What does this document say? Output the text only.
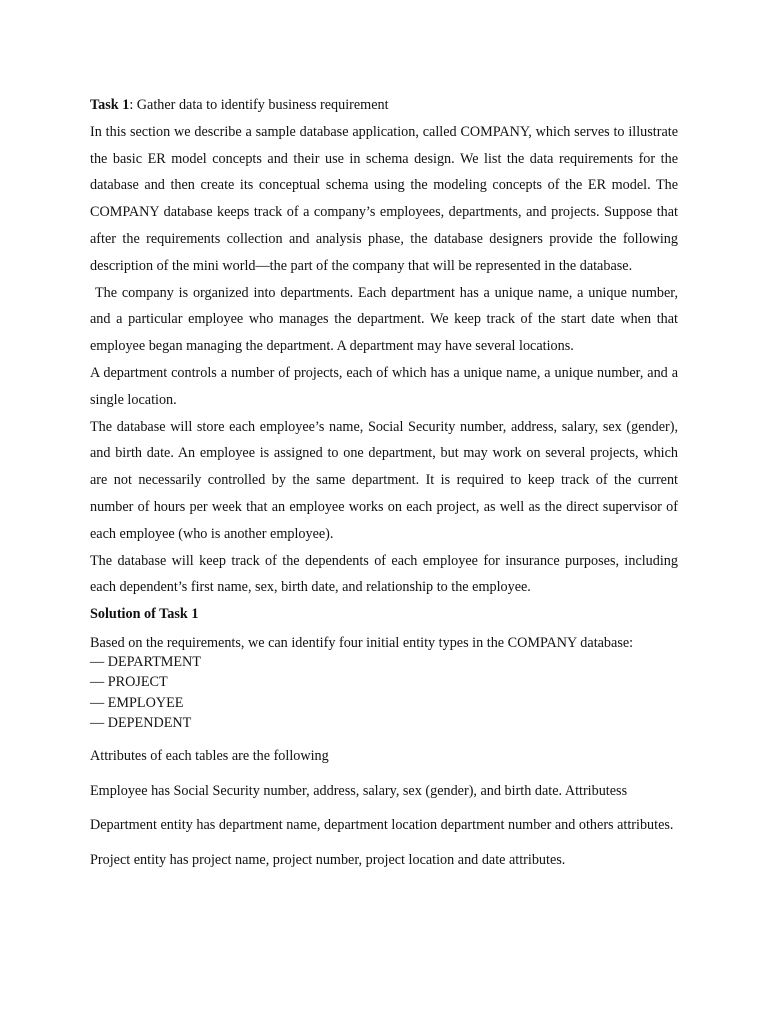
Task 1: Gather data to identify business requirement

In this section we describe a sample database application, called COMPANY, which serves to illustrate the basic ER model concepts and their use in schema design. We list the data requirements for the database and then create its conceptual schema using the modeling concepts of the ER model. The COMPANY database keeps track of a company’s employees, departments, and projects. Suppose that after the requirements collection and analysis phase, the database designers provide the following description of the mini world—the part of the company that will be represented in the database.

The company is organized into departments. Each department has a unique name, a unique number, and a particular employee who manages the department. We keep track of the start date when that employee began managing the department. A department may have several locations.

A department controls a number of projects, each of which has a unique name, a unique number, and a single location.

The database will store each employee’s name, Social Security number, address, salary, sex (gender), and birth date. An employee is assigned to one department, but may work on several projects, which are not necessarily controlled by the same department. It is required to keep track of the current number of hours per week that an employee works on each project, as well as the direct supervisor of each employee (who is another employee).

The database will keep track of the dependents of each employee for insurance purposes, including each dependent’s first name, sex, birth date, and relationship to the employee.

Solution of Task 1

Based on the requirements, we can identify four initial entity types in the COMPANY database:

— DEPARTMENT
— PROJECT
— EMPLOYEE
— DEPENDENT

Attributes of each tables are the following

Employee has Social Security number, address, salary, sex (gender), and birth date. Attributess

Department entity has department name, department location department number and others attributes.

Project entity has project name, project number, project location and date attributes.
